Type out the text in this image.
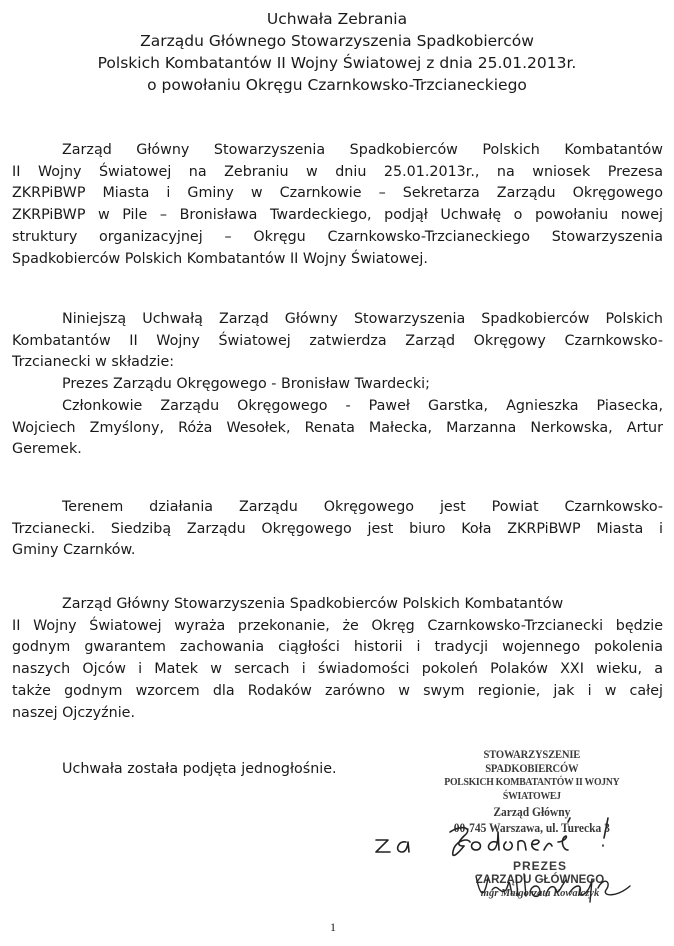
Uchwała Zebrania
Zarządu Głównego Stowarzyszenia Spadkobierców
Polskich Kombatantów II Wojny Światowej z dnia 25.01.2013r.
o powołaniu Okręgu Czarnkowsko-Trzcianeckiego
Zarząd Główny Stowarzyszenia Spadkobierców Polskich Kombatantów
II Wojny Światowej na Zebraniu w dniu 25.01.2013r., na wniosek Prezesa
ZKRPiBWP Miasta i Gminy w Czarnkowie – Sekretarza Zarządu Okręgowego
ZKRPiBWP w Pile – Bronisława Twardeckiego, podjął Uchwałę o powołaniu nowej
struktury organizacyjnej – Okręgu Czarnkowsko-Trzcianeckiego Stowarzyszenia
Spadkobierców Polskich Kombatantów II Wojny Światowej.
Niniejszą Uchwałą Zarząd Główny Stowarzyszenia Spadkobierców Polskich
Kombatantów II Wojny Światowej zatwierdza Zarząd Okręgowy Czarnkowsko-
Trzcianecki w składzie:
Prezes Zarządu Okręgowego - Bronisław Twardecki;
Członkowie Zarządu Okręgowego - Paweł Garstka, Agnieszka Piasecka,
Wojciech Zmyślony, Róża Wesołek, Renata Małecka, Marzanna Nerkowska, Artur
Geremek.
Terenem działania Zarządu Okręgowego jest Powiat Czarnkowsko-
Trzcianecki. Siedzibą Zarządu Okręgowego jest biuro Koła ZKRPiBWP Miasta i
Gminy Czarnków.
Zarząd Główny Stowarzyszenia Spadkobierców Polskich Kombatantów
II Wojny Światowej wyraża przekonanie, że Okręg Czarnkowsko-Trzcianecki będzie
godnym gwarantem zachowania ciągłości historii i tradycji wojennego pokolenia
naszych Ojców i Matek w sercach i świadomości pokoleń Polaków XXI wieku, a
także godnym wzorcem dla Rodaków zarówno w swym regionie, jak i w całej
naszej Ojczyźnie.
Uchwała została podjęta jednogłośnie.
STOWARZYSZENIE SPADKOBIERCÓW
POLSKICH KOMBATANTÓW II WOJNY ŚWIATOWEJ
Zarząd Główny
00-745 Warszawa, ul. Turecka 3
PREZES
ZARZĄDU GŁÓWNEGO
mgr Małgorzata Kowalczyk
1
